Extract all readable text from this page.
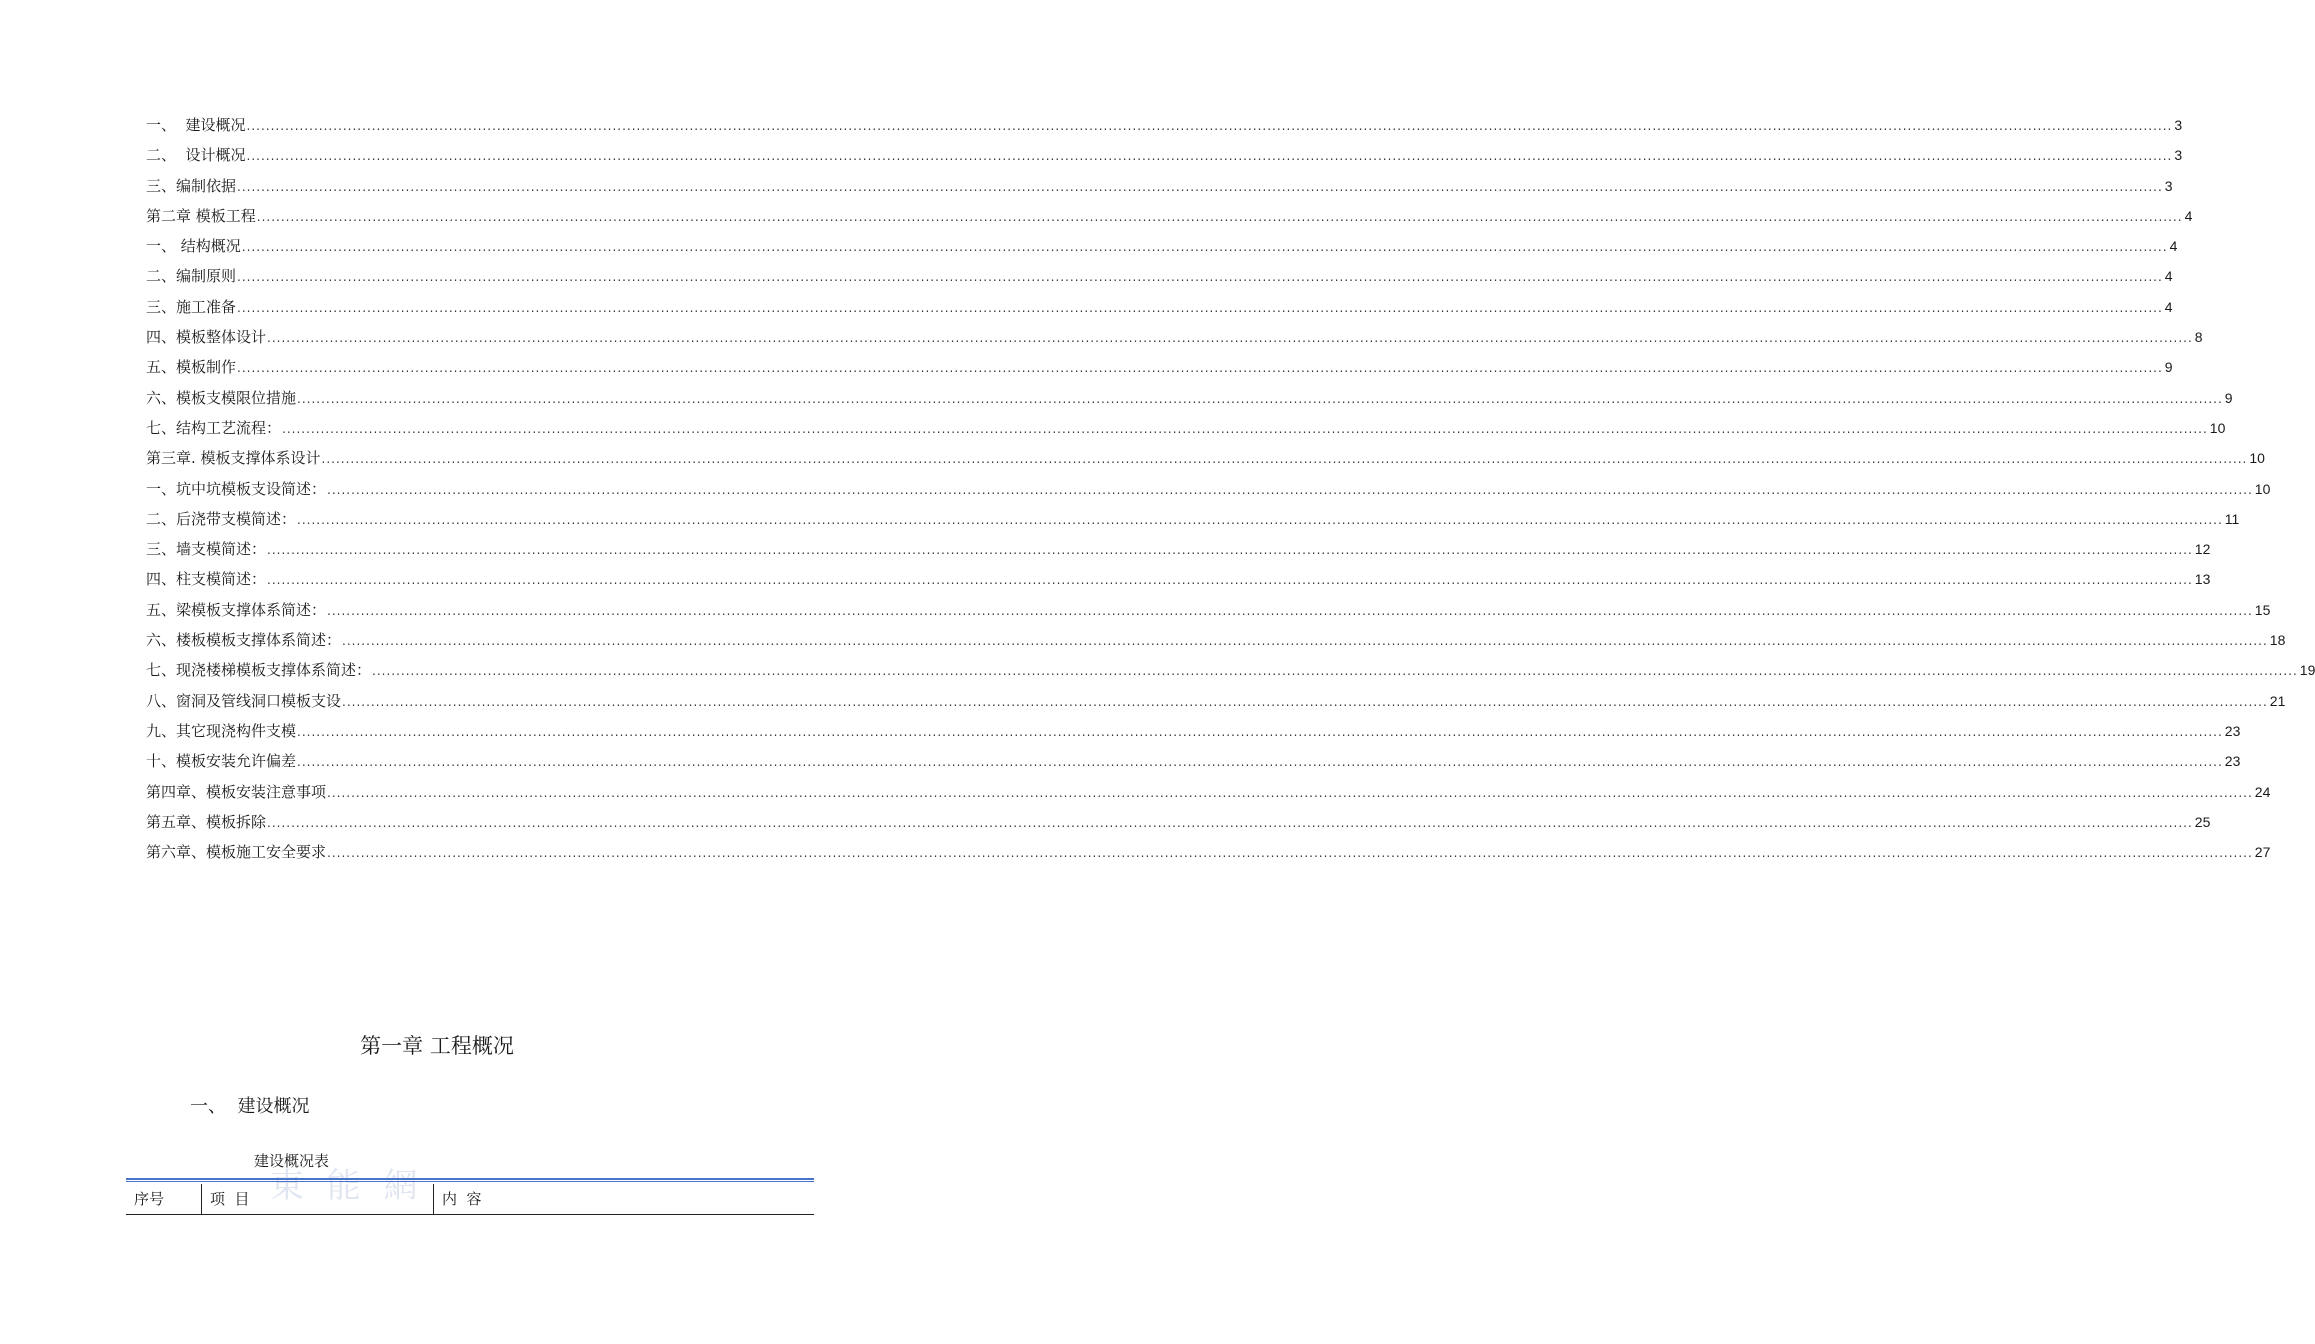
一、  建设概况 ................................................................................................................................................................................................................................................................................................................................................................................................................ 3
二、  设计概况 ................................................................................................................................................................................................................................................................................................................................................................................................................ 3
三、编制依据 ................................................................................................................................................................................................................................................................................................................................................................................................................ 3
第二章 模板工程 ................................................................................................................................................................................................................................................................................................................................................................................................................ 4
一、 结构概况 ................................................................................................................................................................................................................................................................................................................................................................................................................ 4
二、编制原则 ................................................................................................................................................................................................................................................................................................................................................................................................................ 4
三、施工准备 ................................................................................................................................................................................................................................................................................................................................................................................................................ 4
四、模板整体设计 ................................................................................................................................................................................................................................................................................................................................................................................................................ 8
五、模板制作 ................................................................................................................................................................................................................................................................................................................................................................................................................ 9
六、模板支模限位措施 ................................................................................................................................................................................................................................................................................................................................................................................................................ 9
七、结构工艺流程： ................................................................................................................................................................................................................................................................................................................................................................................................................ 10
第三章. 模板支撑体系设计 ................................................................................................................................................................................................................................................................................................................................................................................................................ 10
一、坑中坑模板支设简述： ................................................................................................................................................................................................................................................................................................................................................................................................................ 10
二、后浇带支模简述： ................................................................................................................................................................................................................................................................................................................................................................................................................ 11
三、墙支模简述： ................................................................................................................................................................................................................................................................................................................................................................................................................ 12
四、柱支模简述： ................................................................................................................................................................................................................................................................................................................................................................................................................ 13
五、梁模板支撑体系简述： ................................................................................................................................................................................................................................................................................................................................................................................................................ 15
六、楼板模板支撑体系简述： ................................................................................................................................................................................................................................................................................................................................................................................................................ 18
七、现浇楼梯模板支撑体系简述： ................................................................................................................................................................................................................................................................................................................................................................................................................ 19
八、窗洞及管线洞口模板支设 ................................................................................................................................................................................................................................................................................................................................................................................................................ 21
九、其它现浇构件支模 ................................................................................................................................................................................................................................................................................................................................................................................................................ 23
十、模板安装允许偏差 ................................................................................................................................................................................................................................................................................................................................................................................................................ 23
第四章、模板安装注意事项 ................................................................................................................................................................................................................................................................................................................................................................................................................ 24
第五章、模板拆除 ................................................................................................................................................................................................................................................................................................................................................................................................................ 25
第六章、模板施工安全要求 ................................................................................................................................................................................................................................................................................................................................................................................................................ 27
第一章 工程概况
一、  建设概况
東 能 網
建设概况表
序号	项  目	内  容
